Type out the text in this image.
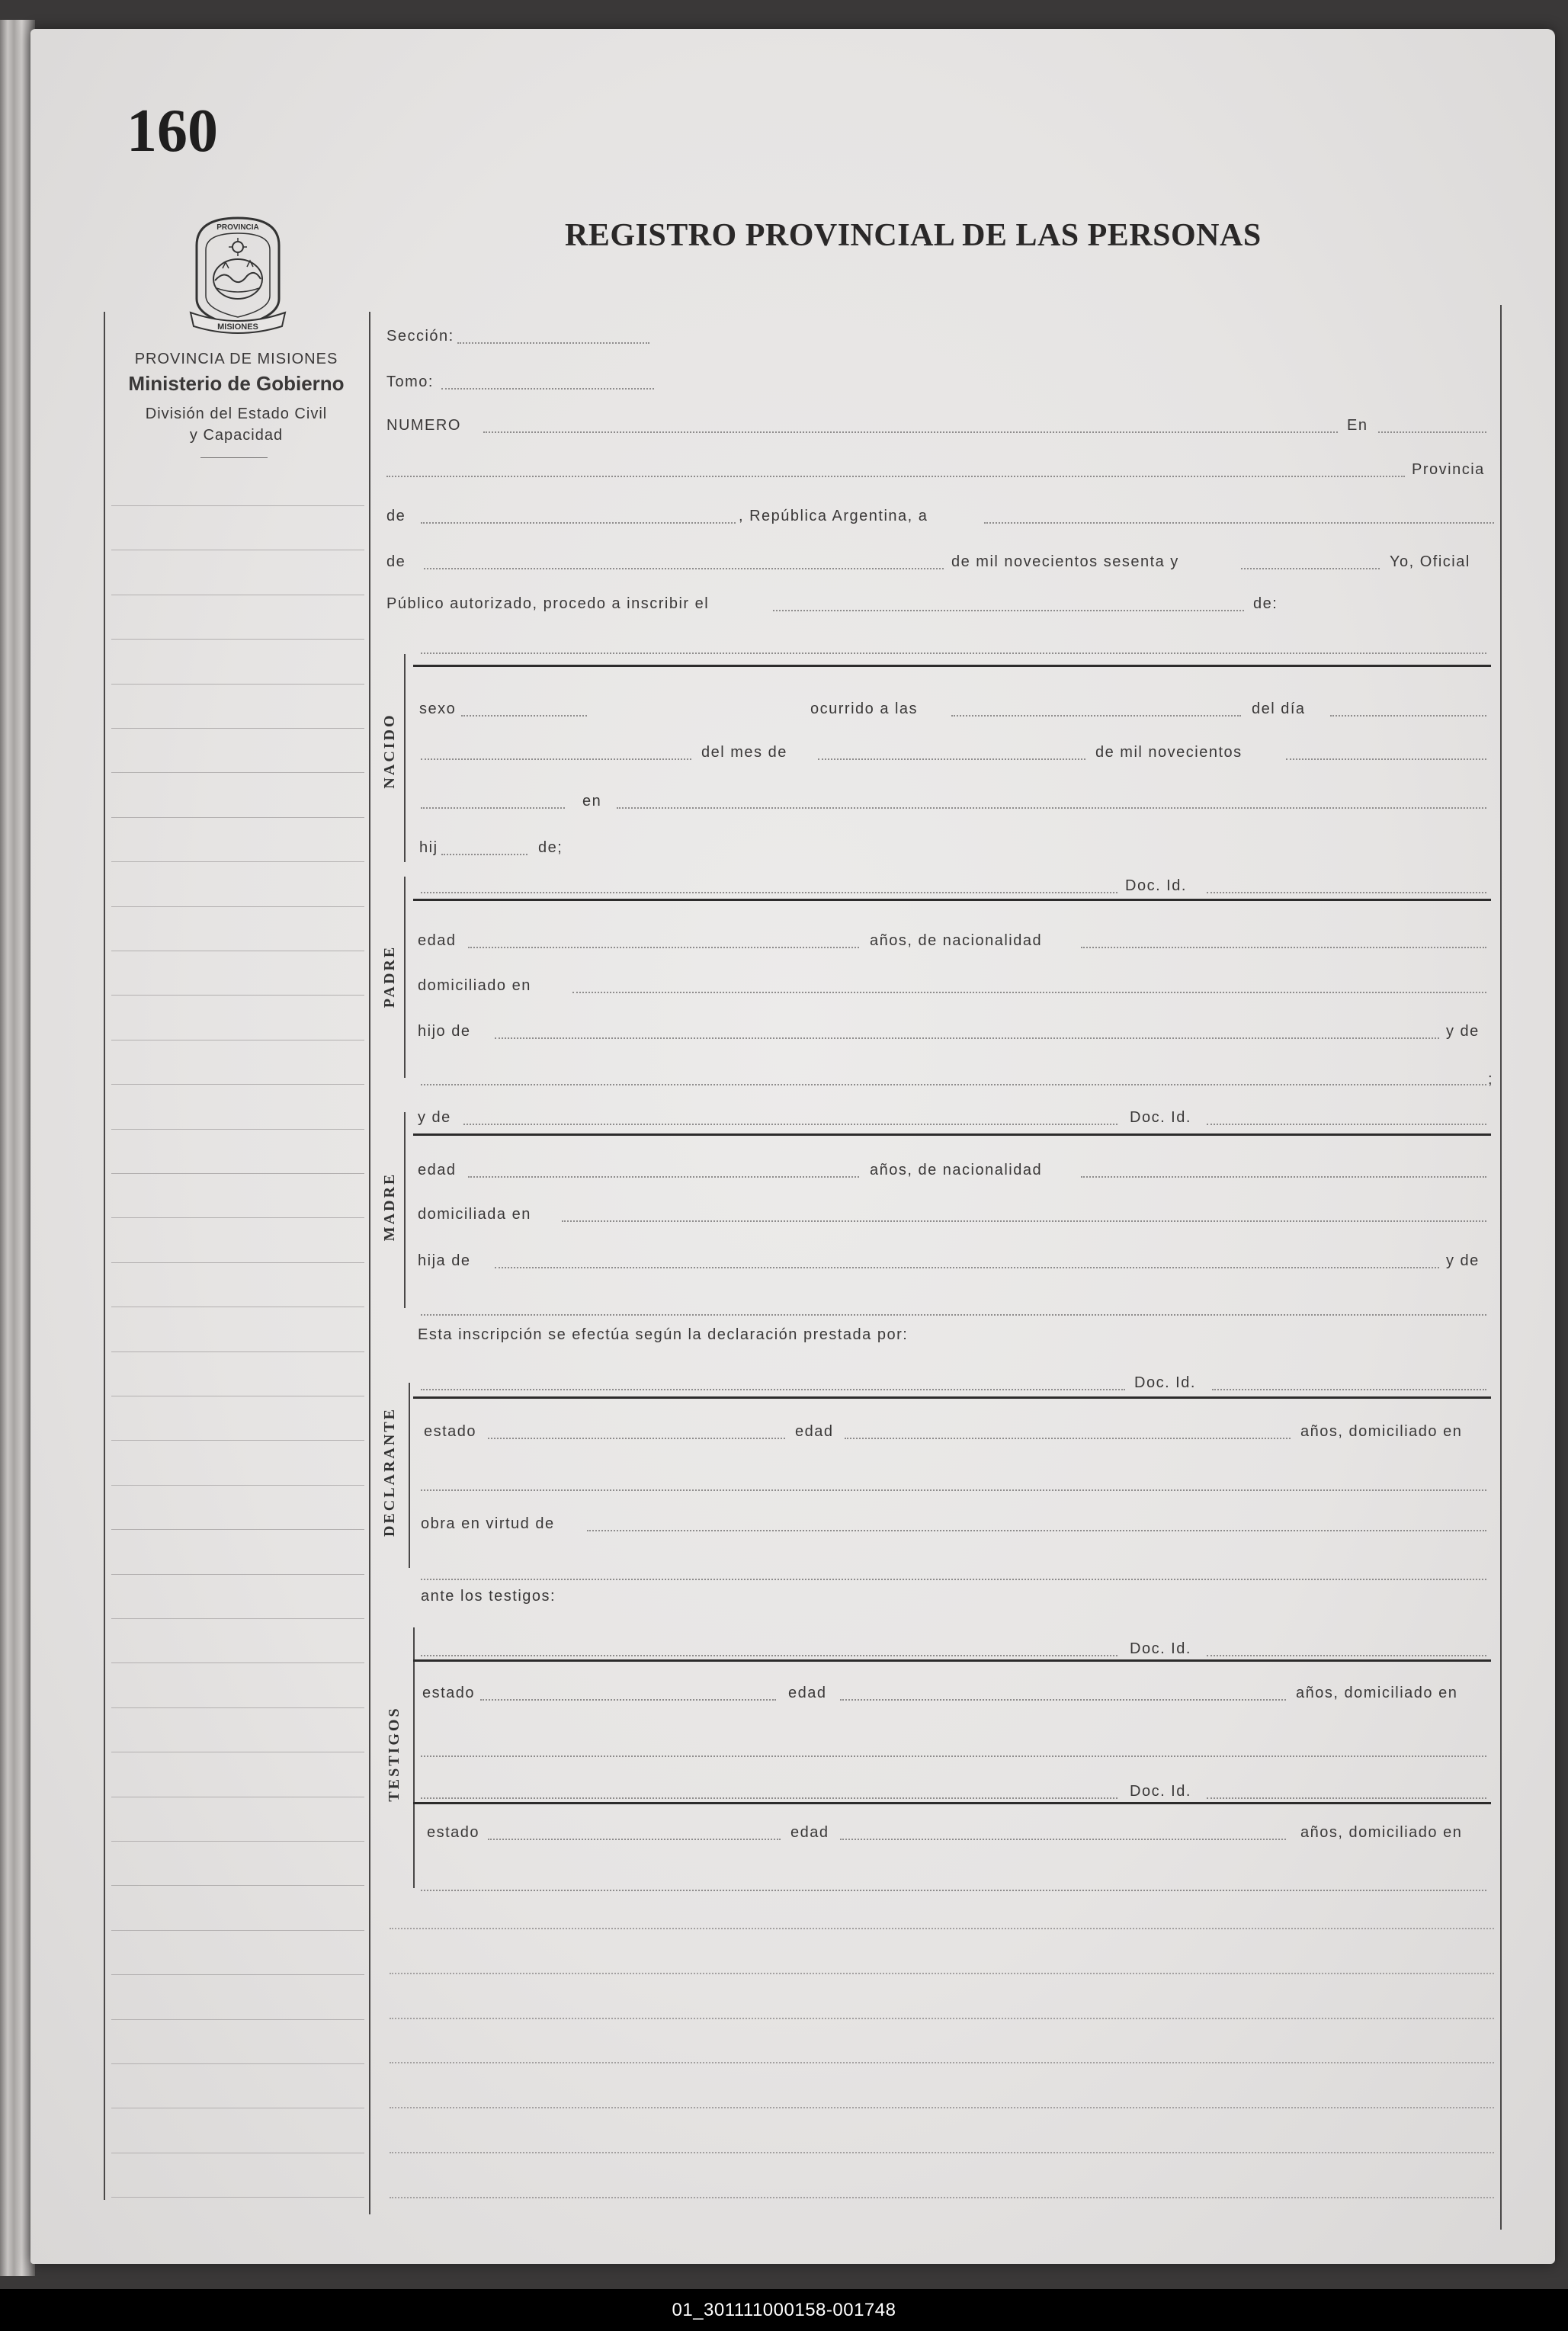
160
PROVINCIA
MISIONES
REGISTRO PROVINCIAL DE LAS PERSONAS
PROVINCIA DE MISIONES
Ministerio de Gobierno
División del Estado Civil
y Capacidad
Sección:
Tomo:
NUMERO	En
Provincia
de	, República Argentina, a
de	de mil novecientos sesenta y	Yo, Oficial
Público autorizado, procedo a inscribir el	de:
NACIDO
sexo	ocurrido a las	del día
del mes de	de mil novecientos
en
hij	de;
PADRE
Doc. Id.
edad	años, de nacionalidad
domiciliado en
hijo de	y de
;
MADRE
y de	Doc. Id.
edad	años, de nacionalidad
domiciliada en
hija de	y de
Esta inscripción se efectúa según la declaración prestada por:
DECLARANTE
Doc. Id.
estado	edad	años, domiciliado en
obra en virtud de
ante los testigos:
TESTIGOS
Doc. Id.
estado	edad	años, domiciliado en
Doc. Id.
estado	edad	años, domiciliado en
01_301111000158-001748
